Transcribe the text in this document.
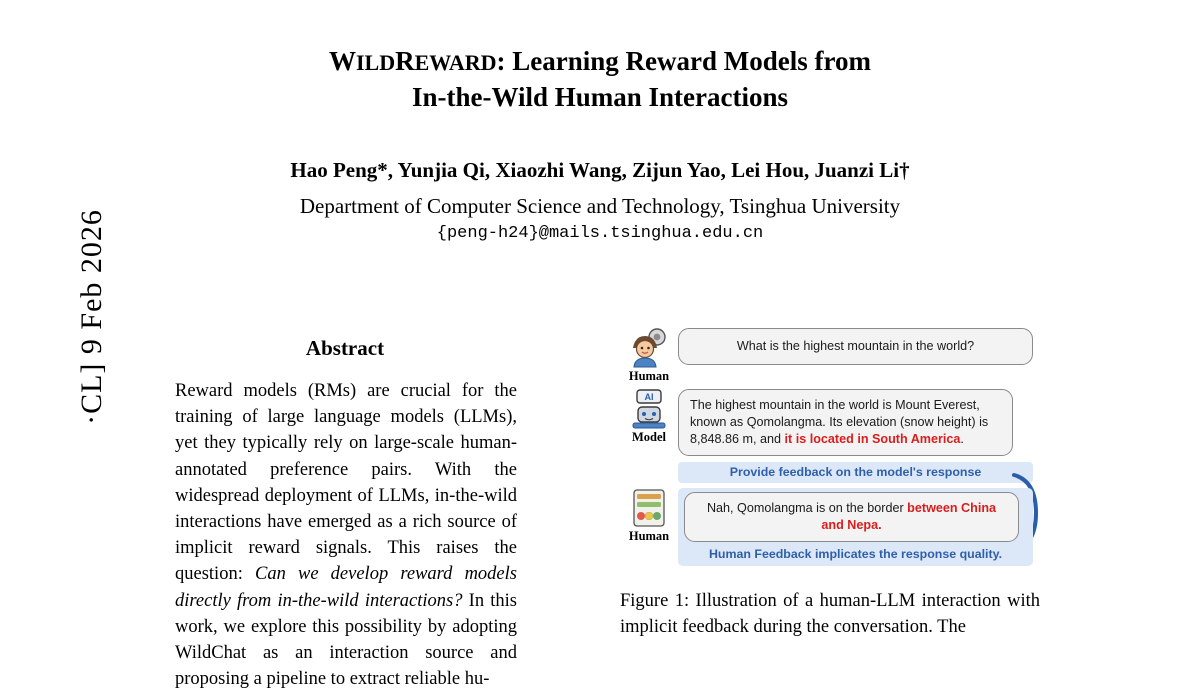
·CL] 9 Feb 2026
WILDREWARD: Learning Reward Models from
In-the-Wild Human Interactions
Hao Peng*, Yunjia Qi, Xiaozhi Wang, Zijun Yao, Lei Hou, Juanzi Li†
Department of Computer Science and Technology, Tsinghua University
{peng-h24}@mails.tsinghua.edu.cn
Abstract
Reward models (RMs) are crucial for the training of large language models (LLMs), yet they typically rely on large-scale human-annotated preference pairs. With the widespread deployment of LLMs, in-the-wild interactions have emerged as a rich source of implicit reward signals. This raises the question: Can we develop reward models directly from in-the-wild interactions? In this work, we explore this possibility by adopting WildChat as an interaction source and proposing a pipeline to extract reliable hu-
Human
What is the highest mountain in the world?
AI
Model
The highest mountain in the world is Mount Everest, known as Qomolangma. Its elevation (snow height) is 8,848.86 m, and it is located in South America.
Provide feedback on the model's response
Human
Nah, Qomolangma is on the border between China and Nepa.
Human Feedback implicates the response quality.
Figure 1: Illustration of a human-LLM interaction with implicit feedback during the conversation. The
